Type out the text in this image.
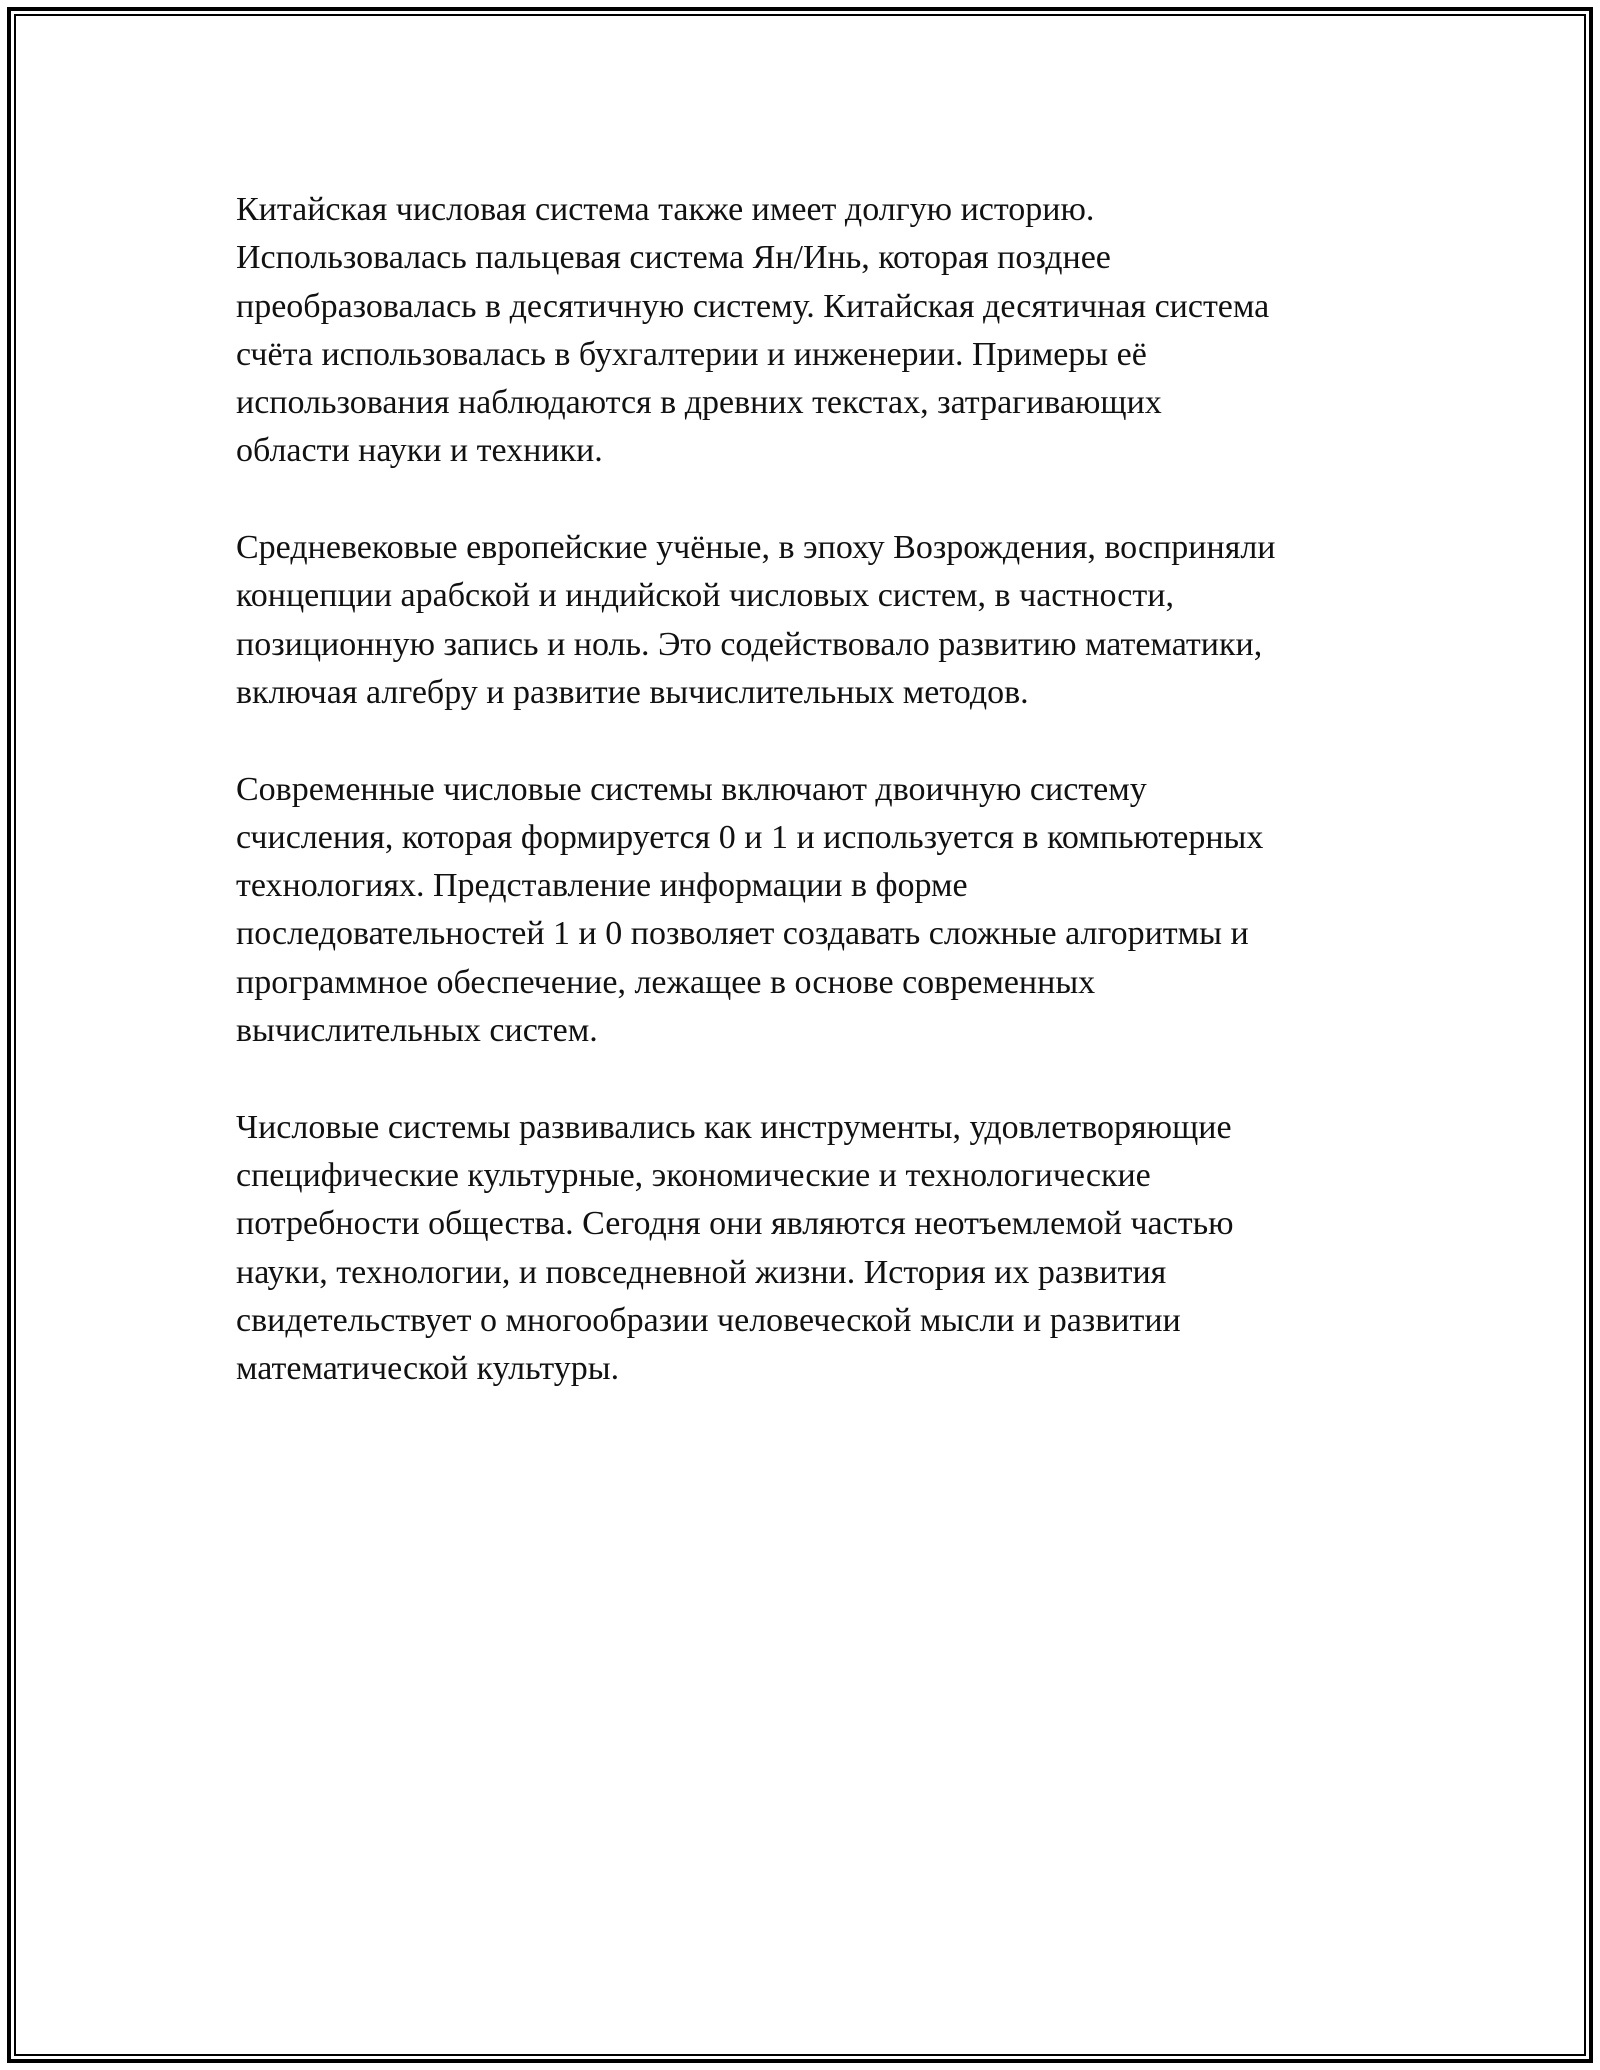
Китайская числовая система также имеет долгую историю.
Использовалась пальцевая система Ян/Инь, которая позднее
преобразовалась в десятичную систему. Китайская десятичная система
счёта использовалась в бухгалтерии и инженерии. Примеры её
использования наблюдаются в древних текстах, затрагивающих
области науки и техники.

Средневековые европейские учёные, в эпоху Возрождения, восприняли
концепции арабской и индийской числовых систем, в частности,
позиционную запись и ноль. Это содействовало развитию математики,
включая алгебру и развитие вычислительных методов.

Современные числовые системы включают двоичную систему
счисления, которая формируется 0 и 1 и используется в компьютерных
технологиях. Представление информации в форме
последовательностей 1 и 0 позволяет создавать сложные алгоритмы и
программное обеспечение, лежащее в основе современных
вычислительных систем.

Числовые системы развивались как инструменты, удовлетворяющие
специфические культурные, экономические и технологические
потребности общества. Сегодня они являются неотъемлемой частью
науки, технологии, и повседневной жизни. История их развития
свидетельствует о многообразии человеческой мысли и развитии
математической культуры.
